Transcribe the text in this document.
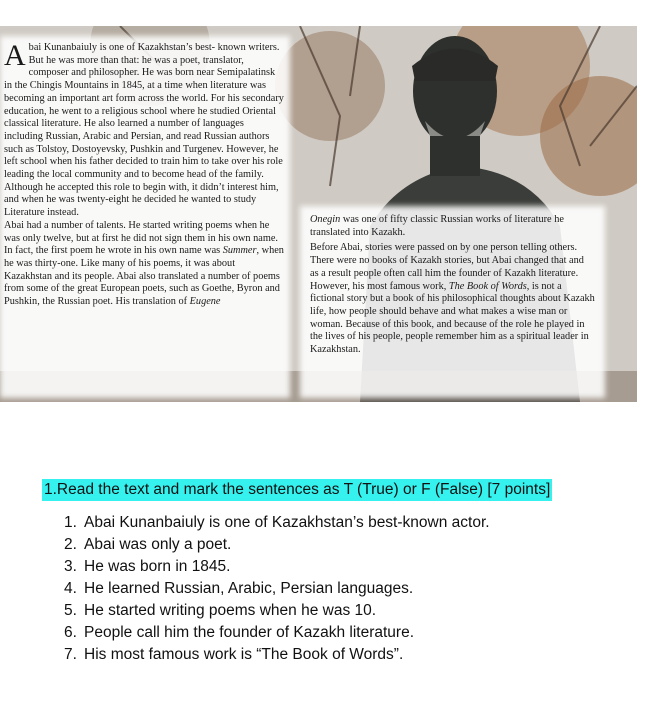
Abai Kunanbaiuly is one of Kazakhstan’s best- known writers. But he was more than that: he was a poet, translator, composer and philosopher. He was born near Semipalatinsk in the Chingis Mountains in 1845, at a time when literature was becoming an important art form across the world. For his secondary education, he went to a religious school where he studied Oriental classical literature. He also learned a number of languages including Russian, Arabic and Persian, and read Russian authors such as Tolstoy, Dostoyevsky, Pushkin and Turgenev. However, he left school when his father decided to train him to take over his role leading the local community and to become head of the family. Although he accepted this role to begin with, it didn’t interest him, and when he was twenty-eight he decided he wanted to study Literature instead.

Abai had a number of talents. He started writing poems when he was only twelve, but at first he did not sign them in his own name. In fact, the first poem he wrote in his own name was Summer, when he was thirty-one. Like many of his poems, it was about Kazakhstan and its people. Abai also translated a number of poems from some of the great European poets, such as Goethe, Byron and Pushkin, the Russian poet. His translation of Eugene

Onegin was one of fifty classic Russian works of literature he translated into Kazakh.

Before Abai, stories were passed on by one person telling others. There were no books of Kazakh stories, but Abai changed that and as a result people often call him the founder of Kazakh literature. However, his most famous work, The Book of Words, is not a fictional story but a book of his philosophical thoughts about Kazakh life, how people should behave and what makes a wise man or woman. Because of this book, and because of the role he played in the lives of his people, people remember him as a spiritual leader in Kazakhstan.

1.Read the text and mark the sentences as T (True) or F (False) [7 points]
1. Abai Kunanbaiuly is one of Kazakhstan’s best-known actor.
2. Abai was only a poet.
3. He was born in 1845.
4. He learned Russian, Arabic, Persian languages.
5. He started writing poems when he was 10.
6. People call him the founder of Kazakh literature.
7. His most famous work is “The Book of Words”.
